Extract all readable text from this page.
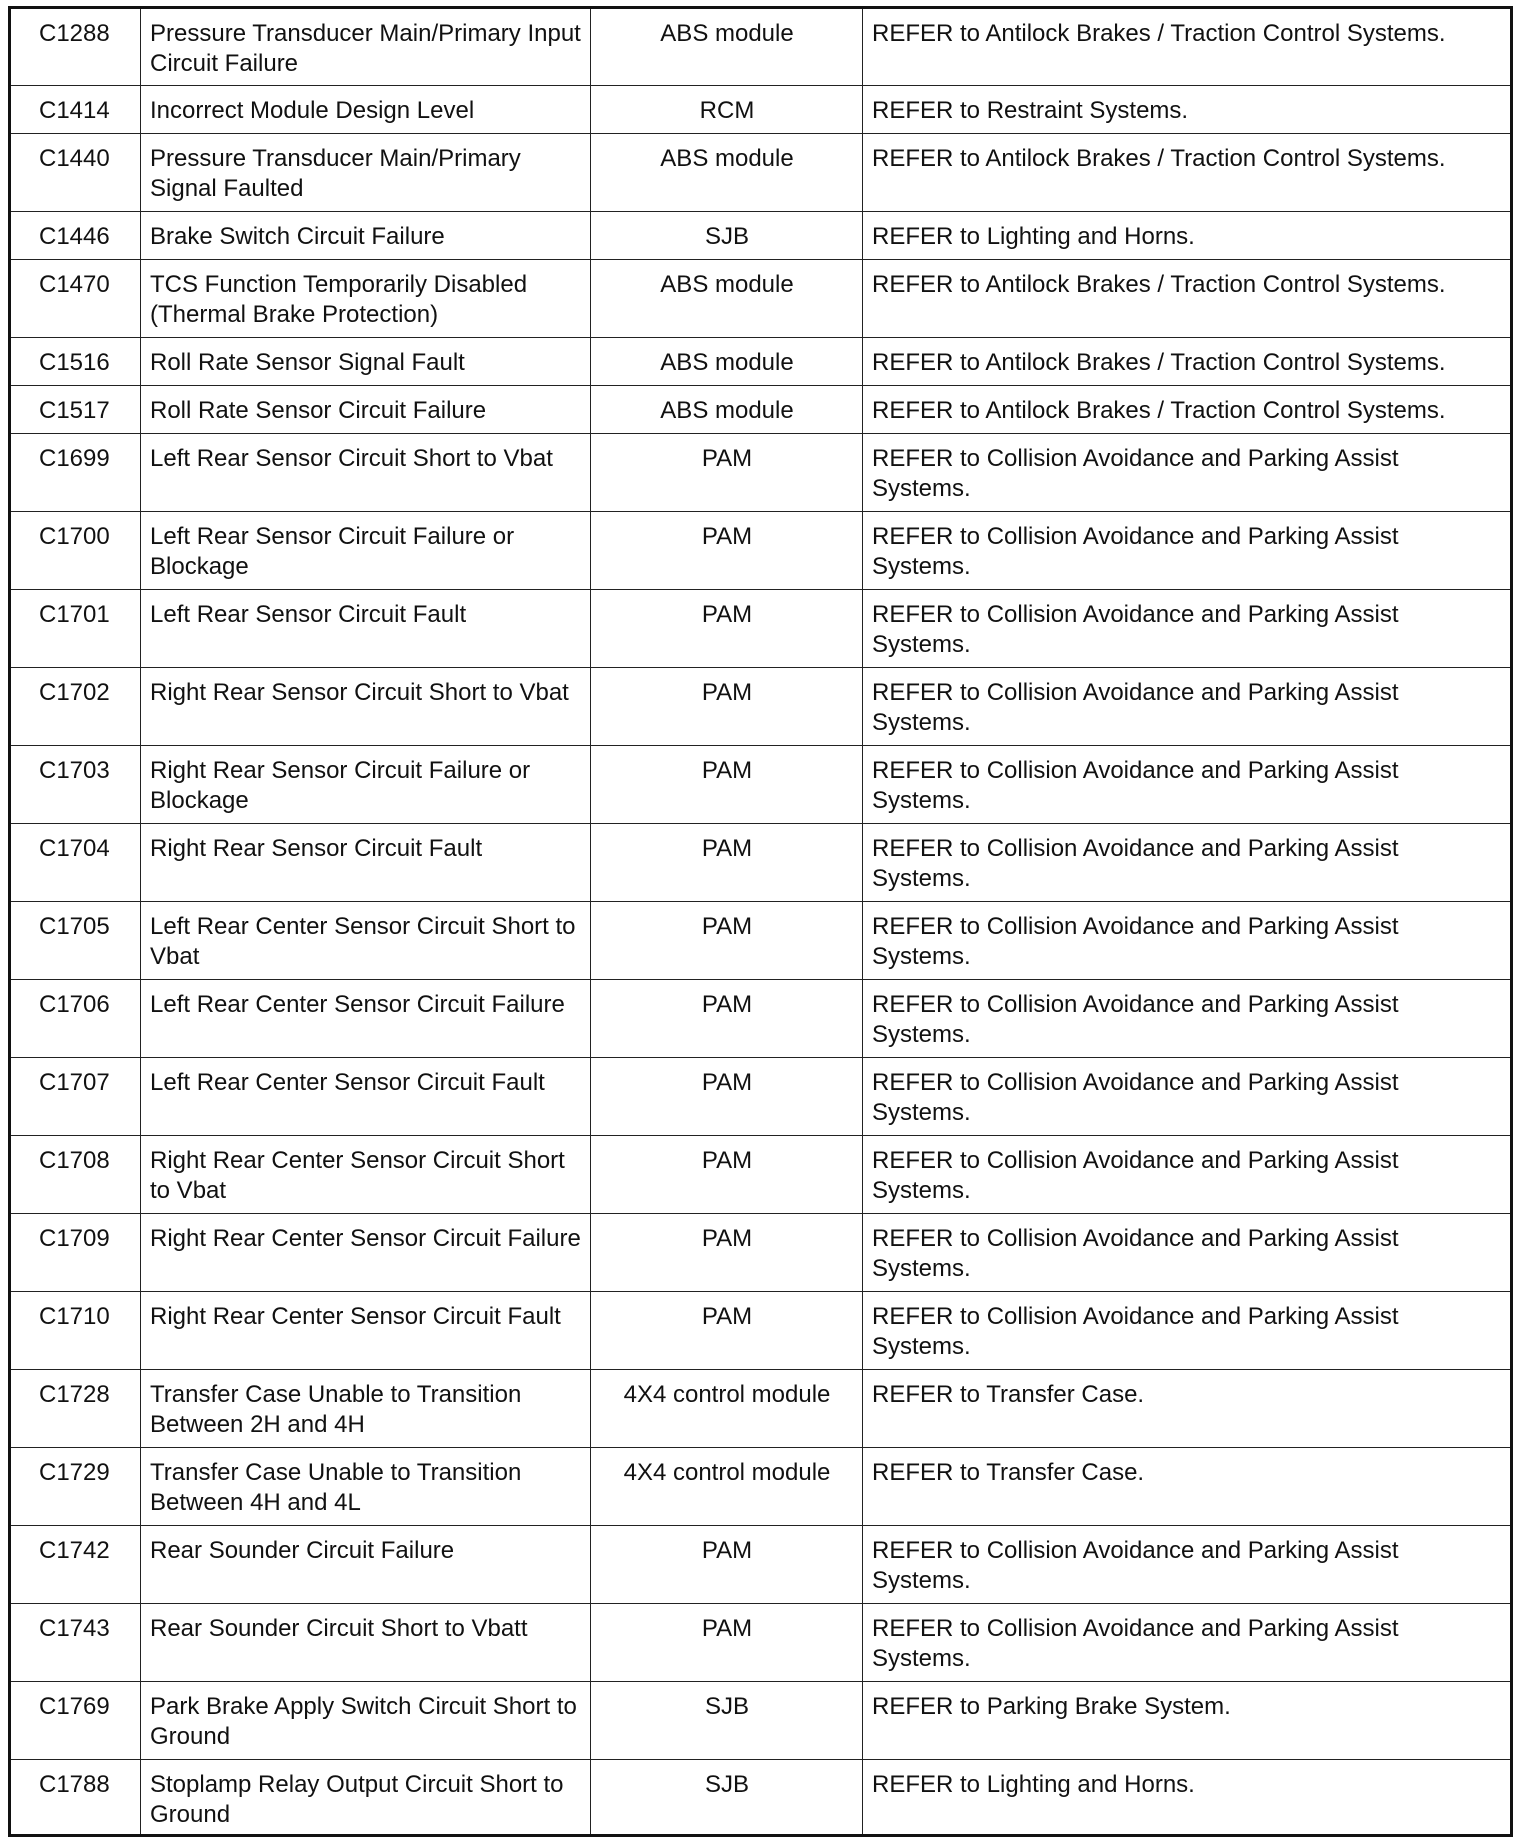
C1288	Pressure Transducer Main/Primary Input Circuit Failure	ABS module	REFER to Antilock Brakes / Traction Control Systems.
C1414	Incorrect Module Design Level	RCM	REFER to Restraint Systems.
C1440	Pressure Transducer Main/Primary Signal Faulted	ABS module	REFER to Antilock Brakes / Traction Control Systems.
C1446	Brake Switch Circuit Failure	SJB	REFER to Lighting and Horns.
C1470	TCS Function Temporarily Disabled (Thermal Brake Protection)	ABS module	REFER to Antilock Brakes / Traction Control Systems.
C1516	Roll Rate Sensor Signal Fault	ABS module	REFER to Antilock Brakes / Traction Control Systems.
C1517	Roll Rate Sensor Circuit Failure	ABS module	REFER to Antilock Brakes / Traction Control Systems.
C1699	Left Rear Sensor Circuit Short to Vbat	PAM	REFER to Collision Avoidance and Parking Assist Systems.
C1700	Left Rear Sensor Circuit Failure or Blockage	PAM	REFER to Collision Avoidance and Parking Assist Systems.
C1701	Left Rear Sensor Circuit Fault	PAM	REFER to Collision Avoidance and Parking Assist Systems.
C1702	Right Rear Sensor Circuit Short to Vbat	PAM	REFER to Collision Avoidance and Parking Assist Systems.
C1703	Right Rear Sensor Circuit Failure or Blockage	PAM	REFER to Collision Avoidance and Parking Assist Systems.
C1704	Right Rear Sensor Circuit Fault	PAM	REFER to Collision Avoidance and Parking Assist Systems.
C1705	Left Rear Center Sensor Circuit Short to Vbat	PAM	REFER to Collision Avoidance and Parking Assist Systems.
C1706	Left Rear Center Sensor Circuit Failure	PAM	REFER to Collision Avoidance and Parking Assist Systems.
C1707	Left Rear Center Sensor Circuit Fault	PAM	REFER to Collision Avoidance and Parking Assist Systems.
C1708	Right Rear Center Sensor Circuit Short to Vbat	PAM	REFER to Collision Avoidance and Parking Assist Systems.
C1709	Right Rear Center Sensor Circuit Failure	PAM	REFER to Collision Avoidance and Parking Assist Systems.
C1710	Right Rear Center Sensor Circuit Fault	PAM	REFER to Collision Avoidance and Parking Assist Systems.
C1728	Transfer Case Unable to Transition Between 2H and 4H	4X4 control module	REFER to Transfer Case.
C1729	Transfer Case Unable to Transition Between 4H and 4L	4X4 control module	REFER to Transfer Case.
C1742	Rear Sounder Circuit Failure	PAM	REFER to Collision Avoidance and Parking Assist Systems.
C1743	Rear Sounder Circuit Short to Vbatt	PAM	REFER to Collision Avoidance and Parking Assist Systems.
C1769	Park Brake Apply Switch Circuit Short to Ground	SJB	REFER to Parking Brake System.
C1788	Stoplamp Relay Output Circuit Short to Ground	SJB	REFER to Lighting and Horns.
